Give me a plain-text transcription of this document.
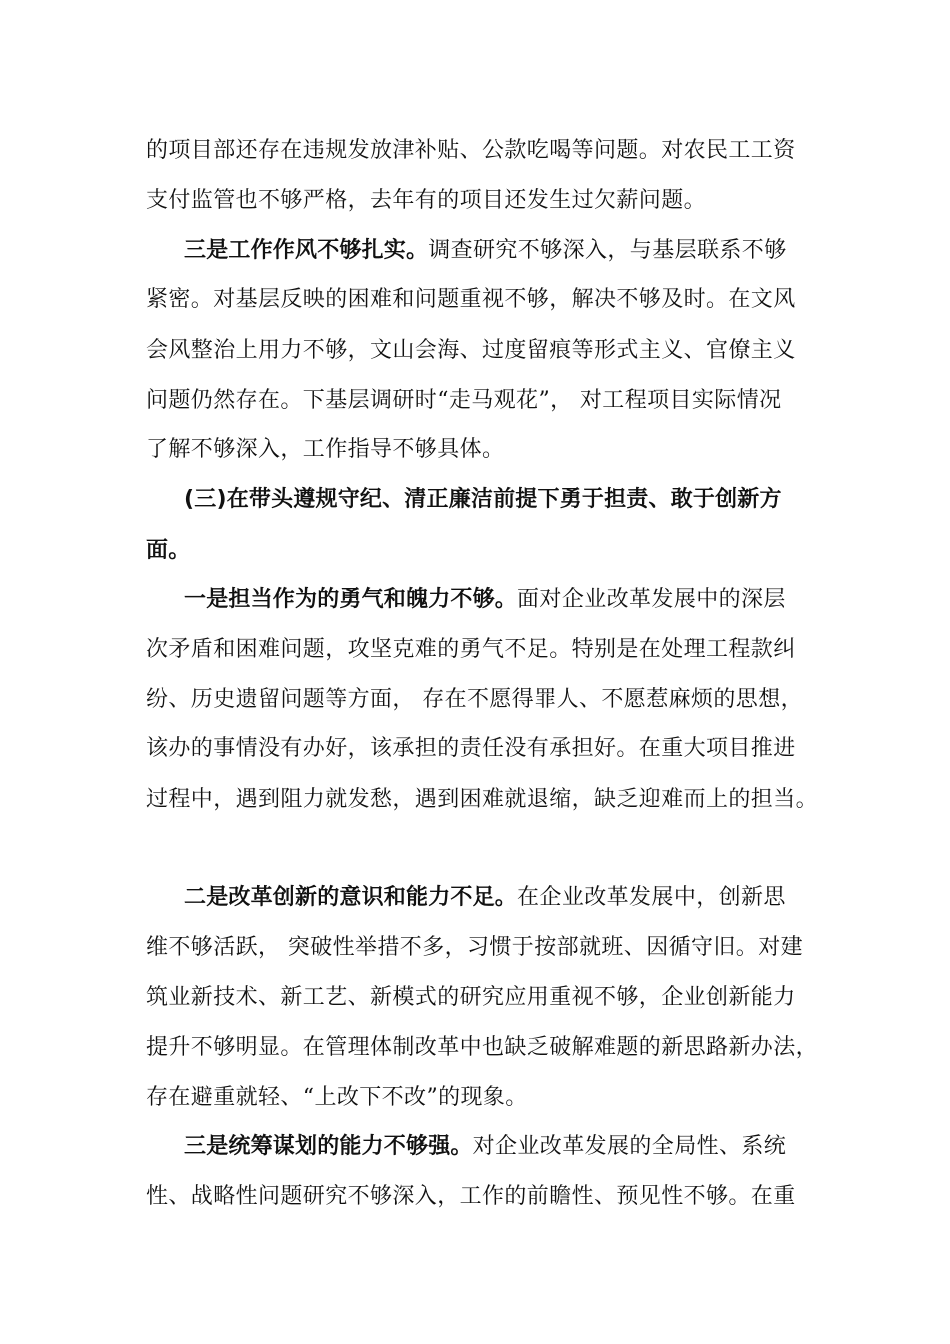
的项目部还存在违规发放津补贴、公款吃喝等问题。对农民工工资
支付监管也不够严格，去年有的项目还发生过欠薪问题。
三是工作作风不够扎实。调查研究不够深入，与基层联系不够
紧密。对基层反映的困难和问题重视不够，解决不够及时。在文风
会风整治上用力不够，文山会海、过度留痕等形式主义、官僚主义
问题仍然存在。下基层调研时“走马观花”， 对工程项目实际情况
了解不够深入，工作指导不够具体。
(三)在带头遵规守纪、清正廉洁前提下勇于担责、敢于创新方
面。
一是担当作为的勇气和魄力不够。面对企业改革发展中的深层
次矛盾和困难问题，攻坚克难的勇气不足。特别是在处理工程款纠
纷、历史遗留问题等方面， 存在不愿得罪人、不愿惹麻烦的思想，
该办的事情没有办好，该承担的责任没有承担好。在重大项目推进
过程中，遇到阻力就发愁，遇到困难就退缩，缺乏迎难而上的担当。
二是改革创新的意识和能力不足。在企业改革发展中，创新思
维不够活跃， 突破性举措不多，习惯于按部就班、因循守旧。对建
筑业新技术、新工艺、新模式的研究应用重视不够，企业创新能力
提升不够明显。在管理体制改革中也缺乏破解难题的新思路新办法，
存在避重就轻、“上改下不改”的现象。
三是统筹谋划的能力不够强。对企业改革发展的全局性、系统
性、战略性问题研究不够深入，工作的前瞻性、预见性不够。在重
